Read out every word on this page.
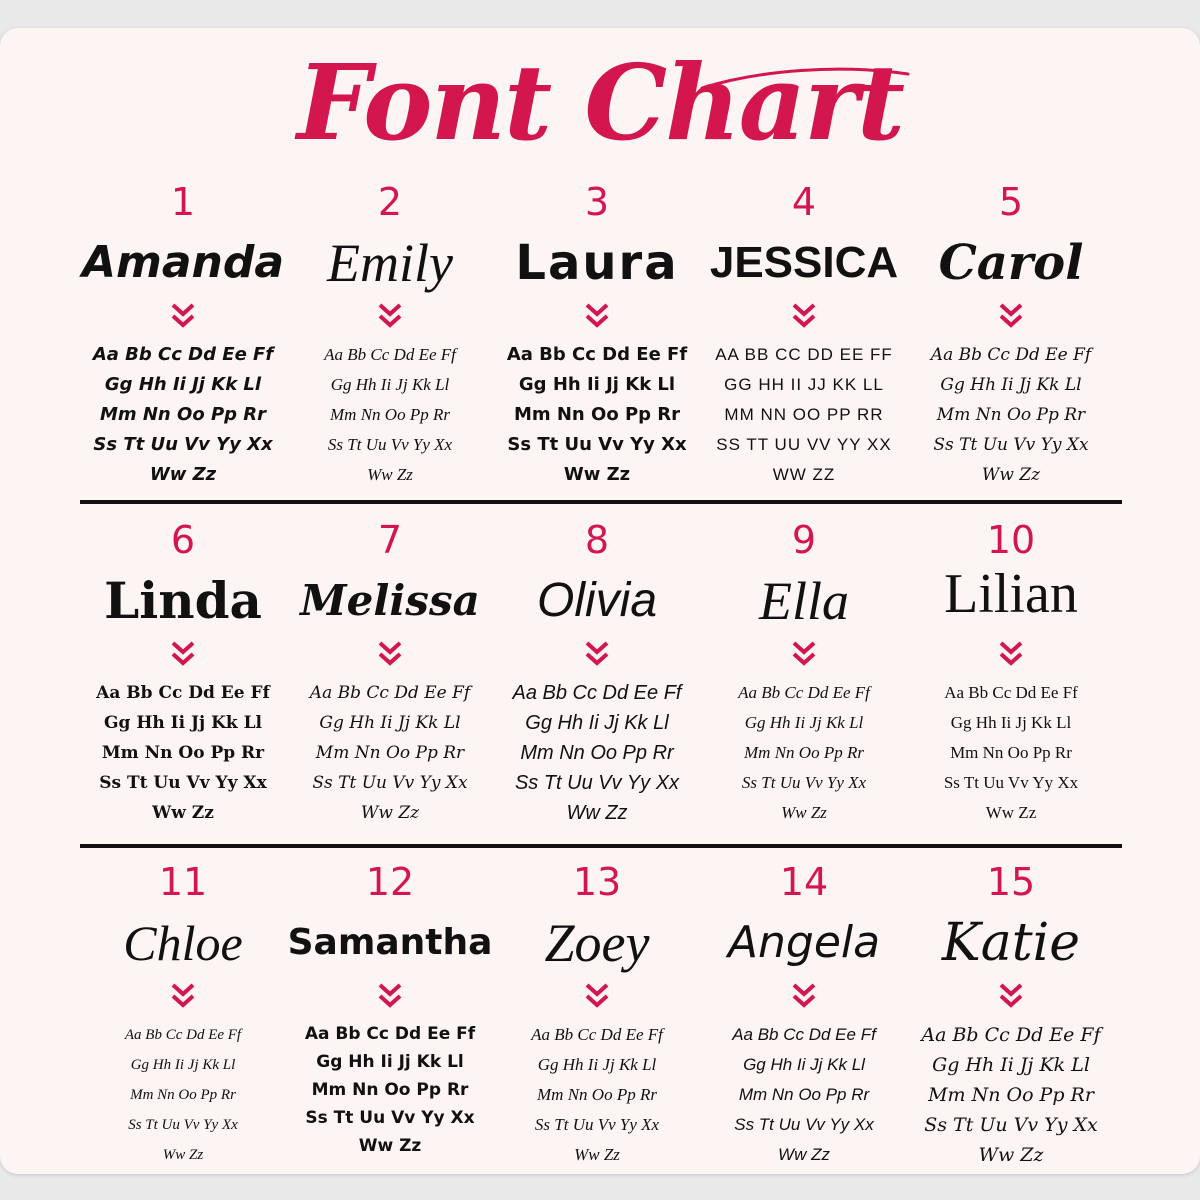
Font Chart
1
Amanda
Aa Bb Cc Dd Ee Ff
Gg Hh Ii Jj Kk Ll
Mm Nn Oo Pp Rr
Ss Tt Uu Vv Yy Xx
Ww Zz
2
Emily
Aa Bb Cc Dd Ee Ff
Gg Hh Ii Jj Kk Ll
Mm Nn Oo Pp Rr
Ss Tt Uu Vv Yy Xx
Ww Zz
3
Laura
Aa Bb Cc Dd Ee Ff
Gg Hh Ii Jj Kk Ll
Mm Nn Oo Pp Rr
Ss Tt Uu Vv Yy Xx
Ww Zz
4
JESSICA
AA BB CC DD EE FF
GG HH II JJ KK LL
MM NN OO PP RR
SS TT UU VV YY XX
WW ZZ
5
Carol
Aa Bb Cc Dd Ee Ff
Gg Hh Ii Jj Kk Ll
Mm Nn Oo Pp Rr
Ss Tt Uu Vv Yy Xx
Ww Zz
6
Linda
Aa Bb Cc Dd Ee Ff
Gg Hh Ii Jj Kk Ll
Mm Nn Oo Pp Rr
Ss Tt Uu Vv Yy Xx
Ww Zz
7
Melissa
Aa Bb Cc Dd Ee Ff
Gg Hh Ii Jj Kk Ll
Mm Nn Oo Pp Rr
Ss Tt Uu Vv Yy Xx
Ww Zz
8
Olivia
Aa Bb Cc Dd Ee Ff
Gg Hh Ii Jj Kk Ll
Mm Nn Oo Pp Rr
Ss Tt Uu Vv Yy Xx
Ww Zz
9
Ella
Aa Bb Cc Dd Ee Ff
Gg Hh Ii Jj Kk Ll
Mm Nn Oo Pp Rr
Ss Tt Uu Vv Yy Xx
Ww Zz
10
Lilian
Aa Bb Cc Dd Ee Ff
Gg Hh Ii Jj Kk Ll
Mm Nn Oo Pp Rr
Ss Tt Uu Vv Yy Xx
Ww Zz
11
Chloe
Aa Bb Cc Dd Ee Ff
Gg Hh Ii Jj Kk Ll
Mm Nn Oo Pp Rr
Ss Tt Uu Vv Yy Xx
Ww Zz
12
Samantha
Aa Bb Cc Dd Ee Ff
Gg Hh Ii Jj Kk Ll
Mm Nn Oo Pp Rr
Ss Tt Uu Vv Yy Xx
Ww Zz
13
Zoey
Aa Bb Cc Dd Ee Ff
Gg Hh Ii Jj Kk Ll
Mm Nn Oo Pp Rr
Ss Tt Uu Vv Yy Xx
Ww Zz
14
Angela
Aa Bb Cc Dd Ee Ff
Gg Hh Ii Jj Kk Ll
Mm Nn Oo Pp Rr
Ss Tt Uu Vv Yy Xx
Ww Zz
15
Katie
Aa Bb Cc Dd Ee Ff
Gg Hh Ii Jj Kk Ll
Mm Nn Oo Pp Rr
Ss Tt Uu Vv Yy Xx
Ww Zz
